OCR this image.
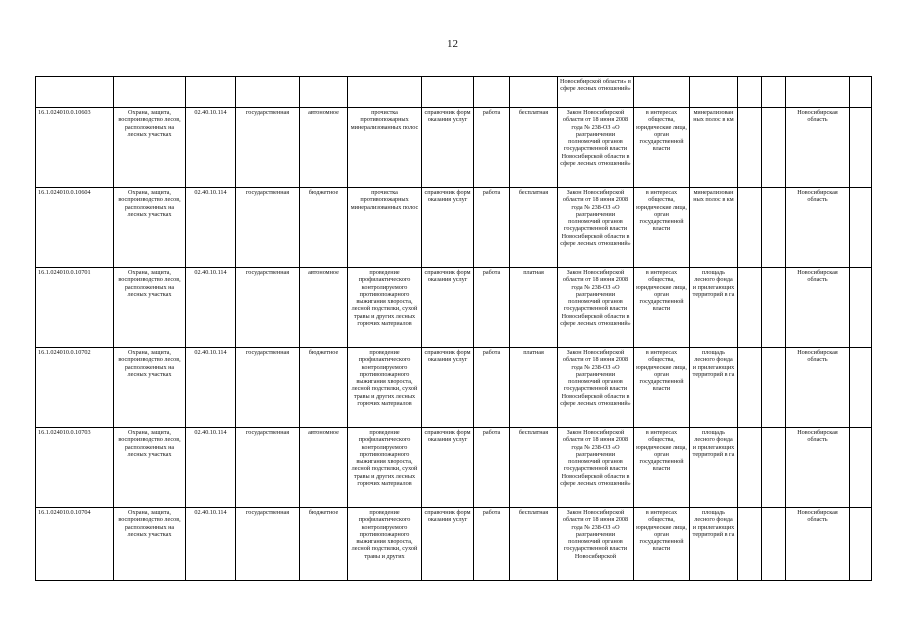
12

									Новосибирской области» в сфере лесных отношений»						

16.1.024010.0.10603	Охрана, защита, воспроизводство лесов, расположенных на лесных участках	02.40.10.114	государственная	автономное	прочистка противопожарных минерализованных полос	справочник форм оказания услуг	работа	бесплатная	Закон Новосибирской области от 18 июня 2008 года № 238-ОЗ «О разграничении полномочий органов государственной власти Новосибирской области в сфере лесных отношений»	в интересах общества, юридические лица, орган государственной власти	минерализованных полос в км			Новосибирская область	

16.1.024010.0.10604	Охрана, защита, воспроизводство лесов, расположенных на лесных участках	02.40.10.114	государственная	бюджетное	прочистка противопожарных минерализованных полос	справочник форм оказания услуг	работа	бесплатная	Закон Новосибирской области от 18 июня 2008 года № 238-ОЗ «О разграничении полномочий органов государственной власти Новосибирской области в сфере лесных отношений»	в интересах общества, юридические лица, орган государственной власти	минерализованных полос в км			Новосибирская область	

16.1.024010.0.10701	Охрана, защита, воспроизводство лесов, расположенных на лесных участках	02.40.10.114	государственная	автономное	проведение профилактического контролируемого противопожарного выжигания хвороста, лесной подстилки, сухой травы и других лесных горючих материалов	справочник форм оказания услуг	работа	платная	Закон Новосибирской области от 18 июня 2008 года № 238-ОЗ «О разграничении полномочий органов государственной власти Новосибирской области в сфере лесных отношений»	в интересах общества, юридические лица, орган государственной власти	площадь лесного фонда и прилегающих территорий в га			Новосибирская область	

16.1.024010.0.10702	Охрана, защита, воспроизводство лесов, расположенных на лесных участках	02.40.10.114	государственная	бюджетное	проведение профилактического контролируемого противопожарного выжигания хвороста, лесной подстилки, сухой травы и других лесных горючих материалов	справочник форм оказания услуг	работа	платная	Закон Новосибирской области от 18 июня 2008 года № 238-ОЗ «О разграничении полномочий органов государственной власти Новосибирской области в сфере лесных отношений»	в интересах общества, юридические лица, орган государственной власти	площадь лесного фонда и прилегающих территорий в га			Новосибирская область	

16.1.024010.0.10703	Охрана, защита, воспроизводство лесов, расположенных на лесных участках	02.40.10.114	государственная	автономное	проведение профилактического контролируемого противопожарного выжигания хвороста, лесной подстилки, сухой травы и других лесных горючих материалов	справочник форм оказания услуг	работа	бесплатная	Закон Новосибирской области от 18 июня 2008 года № 238-ОЗ «О разграничении полномочий органов государственной власти Новосибирской области в сфере лесных отношений»	в интересах общества, юридические лица, орган государственной власти	площадь лесного фонда и прилегающих территорий в га			Новосибирская область	

16.1.024010.0.10704	Охрана, защита, воспроизводство лесов, расположенных на лесных участках	02.40.10.114	государственная	бюджетное	проведение профилактического контролируемого противопожарного выжигания хвороста, лесной подстилки, сухой травы и других	справочник форм оказания услуг	работа	бесплатная	Закон Новосибирской области от 18 июня 2008 года № 238-ОЗ «О разграничении полномочий органов государственной власти Новосибирской	в интересах общества, юридические лица, орган государственной власти	площадь лесного фонда и прилегающих территорий в га			Новосибирская область	
